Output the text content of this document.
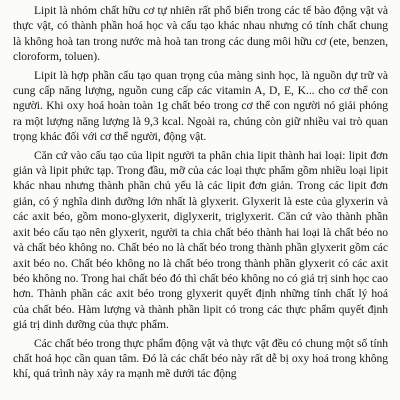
Lipit là nhóm chất hữu cơ tự nhiên rất phổ biến trong các tế bào động vật và thực vật, có thành phần hoá học và cấu tạo khác nhau nhưng có tính chất chung là không hoà tan trong nước mà hoà tan trong các dung môi hữu cơ (ete, benzen, cloroform, toluen).

Lipit là hợp phần cấu tạo quan trọng của màng sinh học, là nguồn dự trữ và cung cấp năng lượng, nguồn cung cấp các vitamin A, D, E, K... cho cơ thể con người. Khi oxy hoá hoàn toàn 1g chất béo trong cơ thể con người nó giải phóng ra một lượng năng lượng là 9,3 kcal. Ngoài ra, chúng còn giữ nhiều vai trò quan trọng khác đối với cơ thể người, động vật.

Căn cứ vào cấu tạo của lipit người ta phân chia lipit thành hai loại: lipit đơn giản và lipit phức tạp. Trong đầu, mỡ của các loại thực phẩm gồm nhiều loại lipit khác nhau nhưng thành phần chủ yếu là các lipit đơn giản. Trong các lipit đơn giản, có ý nghĩa dinh dưỡng lớn nhất là glyxerit. Glyxerit là este của glyxerin và các axit béo, gồm mono-glyxerit, diglyxerit, triglyxerit. Căn cứ vào thành phần axit béo cấu tạo nên glyxerit, người ta chia chất béo thành hai loại là chất béo no và chất béo không no. Chất béo no là chất béo trong thành phần glyxerit gồm các axit béo no. Chất béo không no là chất béo trong thành phần glyxerit có các axit béo không no. Trong hai chất béo đó thì chất béo không no có giá trị sinh học cao hơn. Thành phần các axit béo trong glyxerit quyết định những tính chất lý hoá của chất béo. Hàm lượng và thành phần lipit có trong các thực phẩm quyết định giá trị dinh dưỡng của thực phẩm.

Các chất béo trong thực phẩm động vật và thực vật đều có chung một số tính chất hoá học cần quan tâm. Đó là các chất béo này rất dễ bị oxy hoá trong không khí, quá trình này xảy ra mạnh mẽ dưới tác động
